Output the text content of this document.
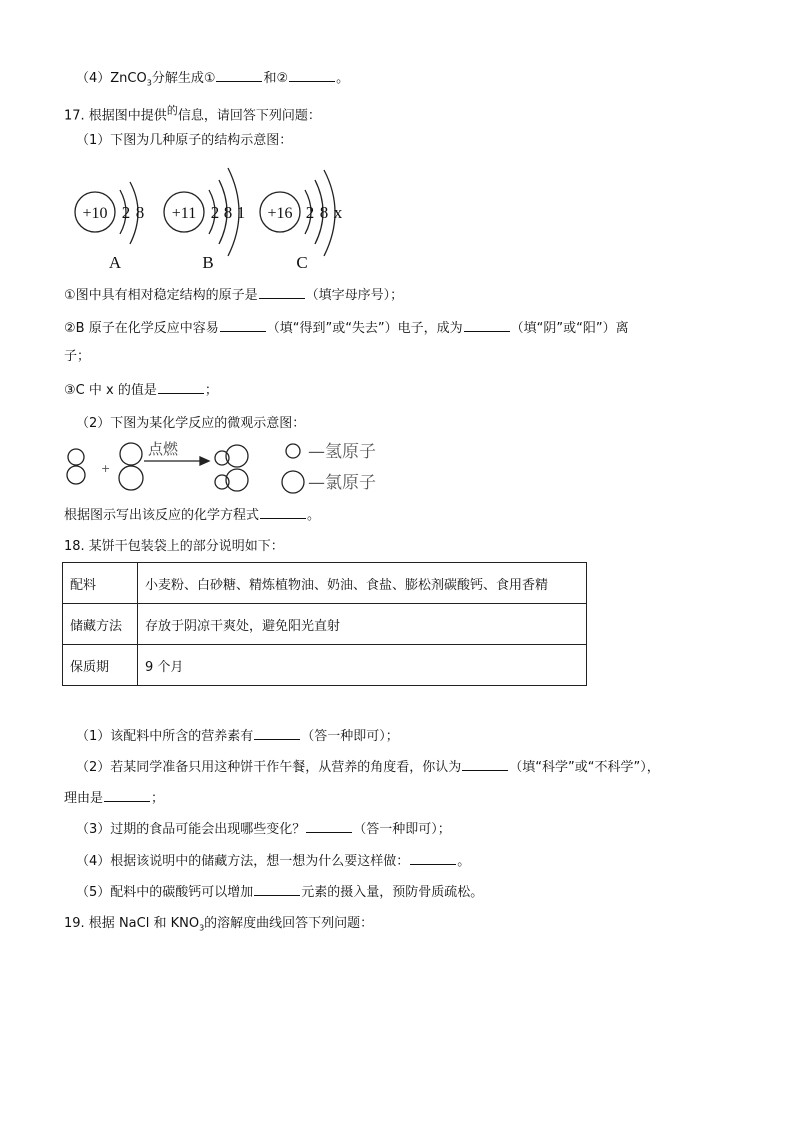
（4）ZnCO$_3$分解生成①	和②	。
17. 根据图中提供$^的$信息，请回答下列问题：
（1）下图为几种原子的结构示意图：
+10 2 8
A
+11 2 8 1
B
+16 2 8 x
C
①图中具有相对稳定结构的原子是	（填字母序号）；
②B 原子在化学反应中容易	（填“得到”或“失去”）电子，成为	（填“阴”或“阳”）离
子；
③C 中 x 的值是	；
（2）下图为某化学反应的微观示意图：
+
点燃	—氢原子
—氯原子
根据图示写出该反应的化学方程式	。
18. 某饼干包装袋上的部分说明如下：
配料	小麦粉、白砂糖、精炼植物油、奶油、食盐、膨松剂碳酸钙、食用香精
储藏方法	存放于阴凉干爽处，避免阳光直射
保质期	9 个月
（1）该配料中所含的营养素有	（答一种即可）；
（2）若某同学准备只用这种饼干作午餐，从营养的角度看，你认为	（填“科学”或“不科学”），
理由是	；
（3）过期的食品可能会出现哪些变化？	（答一种即可）；
（4）根据该说明中的储藏方法，想一想为什么要这样做：	。
（5）配料中的碳酸钙可以增加	元素的摄入量，预防骨质疏松。
19. 根据 NaCl 和 $KNO_3$的溶解度曲线回答下列问题：
